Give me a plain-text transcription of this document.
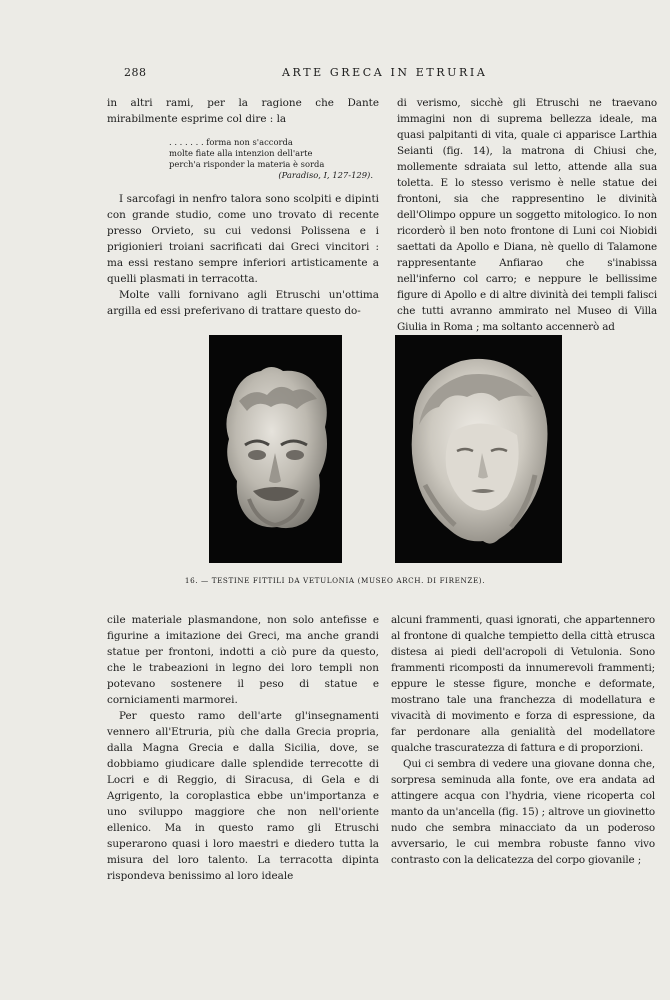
288	ARTE GRECA IN ETRURIA

in altri rami, per la ragione che Dante mirabilmente esprime col dire : la

. . . . . . . forma non s'accorda
molte fiate alla intenzion dell'arte
perch'a risponder la materia è sorda
(Paradiso, I, 127-129).

I sarcofagi in nenfro talora sono scolpiti e dipinti con grande studio, come uno trovato di recente presso Orvieto, su cui vedonsi Polissena e i prigionieri troiani sacrificati dai Greci vincitori : ma essi restano sempre inferiori artisticamente a quelli plasmati in terracotta.

Molte valli fornivano agli Etruschi un'ottima argilla ed essi preferivano di trattare questo do-

di verismo, sicchè gli Etruschi ne traevano immagini non di suprema bellezza ideale, ma quasi palpitanti di vita, quale ci apparisce Larthia Seianti (fig. 14), la matrona di Chiusi che, mollemente sdraiata sul letto, attende alla sua toletta. E lo stesso verismo è nelle statue dei frontoni, sia che rappresentino le divinità dell'Olimpo oppure un soggetto mitologico. Io non ricorderò il ben noto frontone di Luni coi Niobidi saettati da Apollo e Diana, nè quello di Talamone rappresentante Anfiarao che s'inabissa nell'inferno col carro; e neppure le bellissime figure di Apollo e di altre divinità dei templi falisci che tutti avranno ammirato nel Museo di Villa Giulia in Roma ; ma soltanto accennerò ad

16. — TESTINE FITTILI DA VETULONIA (MUSEO ARCH. DI FIRENZE).

cile materiale plasmandone, non solo antefisse e figurine a imitazione dei Greci, ma anche grandi statue per frontoni, indotti a ciò pure da questo, che le trabeazioni in legno dei loro templi non potevano sostenere il peso di statue e corniciamenti marmorei.

Per questo ramo dell'arte gl'insegnamenti vennero all'Etruria, più che dalla Grecia propria, dalla Magna Grecia e dalla Sicilia, dove, se dobbiamo giudicare dalle splendide terrecotte di Locri e di Reggio, di Siracusa, di Gela e di Agrigento, la coroplastica ebbe un'importanza e uno sviluppo maggiore che non nell'oriente ellenico. Ma in questo ramo gli Etruschi superarono quasi i loro maestri e diedero tutta la misura del loro talento. La terracotta dipinta rispondeva benissimo al loro ideale

alcuni frammenti, quasi ignorati, che appartennero al frontone di qualche tempietto della città etrusca distesa ai piedi dell'acropoli di Vetulonia. Sono frammenti ricomposti da innumerevoli frammenti; eppure le stesse figure, monche e deformate, mostrano tale una franchezza di modellatura e vivacità di movimento e forza di espressione, da far perdonare alla genialità del modellatore qualche trascuratezza di fattura e di proporzioni.

Qui ci sembra di vedere una giovane donna che, sorpresa seminuda alla fonte, ove era andata ad attingere acqua con l'hydria, viene ricoperta col manto da un'ancella (fig. 15) ; altrove un giovinetto nudo che sembra minacciato da un poderoso avversario, le cui membra robuste fanno vivo contrasto con la delicatezza del corpo giovanile ;
